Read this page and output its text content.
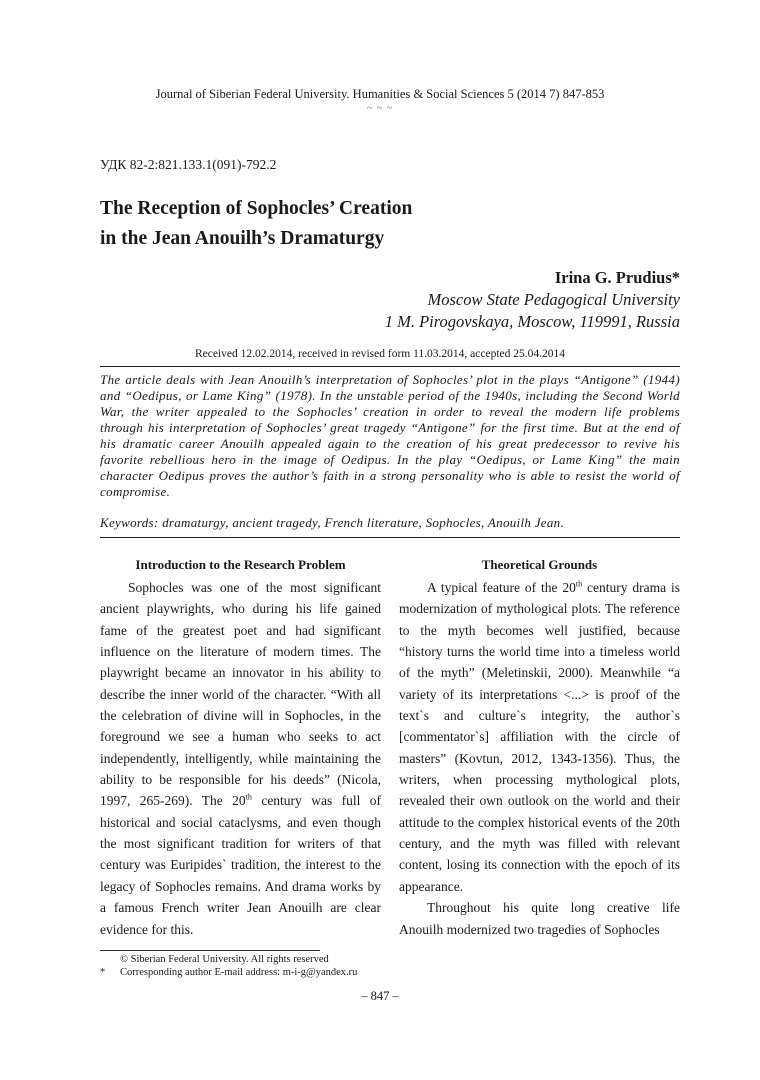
Journal of Siberian Federal University. Humanities & Social Sciences 5 (2014 7) 847-853
~ ~ ~
УДК 82-2:821.133.1(091)-792.2
The Reception of Sophocles’ Creation
in the Jean Anouilh’s Dramaturgy
Irina G. Prudius*
Moscow State Pedagogical University
1 M. Pirogovskaya, Moscow, 119991, Russia
Received 12.02.2014, received in revised form 11.03.2014, accepted 25.04.2014
The article deals with Jean Anouilh’s interpretation of Sophocles’ plot in the plays “Antigone” (1944) and “Oedipus, or Lame King” (1978). In the unstable period of the 1940s, including the Second World War, the writer appealed to the Sophocles’ creation in order to reveal the modern life problems through his interpretation of Sophocles’ great tragedy “Antigone” for the first time. But at the end of his dramatic career Anouilh appealed again to the creation of his great predecessor to revive his favorite rebellious hero in the image of Oedipus. In the play “Oedipus, or Lame King” the main character Oedipus proves the author’s faith in a strong personality who is able to resist the world of compromise.
Keywords: dramaturgy, ancient tragedy, French literature, Sophocles, Anouilh Jean.
Introduction to the Research Problem

Sophocles was one of the most significant ancient playwrights, who during his life gained fame of the greatest poet and had significant influence on the literature of modern times. The playwright became an innovator in his ability to describe the inner world of the character. “With all the celebration of divine will in Sophocles, in the foreground we see a human who seeks to act independently, intelligently, while maintaining the ability to be responsible for his deeds” (Nicola, 1997, 265-269). The 20th century was full of historical and social cataclysms, and even though the most significant tradition for writers of that century was Euripides` tradition, the interest to the legacy of Sophocles remains. And drama works by a famous French writer Jean Anouilh are clear evidence for this.

Theoretical Grounds

A typical feature of the 20th century drama is modernization of mythological plots. The reference to the myth becomes well justified, because “history turns the world time into a timeless world of the myth” (Meletinskii, 2000). Meanwhile “a variety of its interpretations <...> is proof of the text`s and culture`s integrity, the author`s [commentator`s] affiliation with the circle of masters” (Kovtun, 2012, 1343-1356). Thus, the writers, when processing mythological plots, revealed their own outlook on the world and their attitude to the complex historical events of the 20th century, and the myth was filled with relevant content, losing its connection with the epoch of its appearance.

Throughout his quite long creative life Anouilh modernized two tragedies of Sophocles

© Siberian Federal University. All rights reserved
* Corresponding author E-mail address: m-i-g@yandex.ru
– 847 –
